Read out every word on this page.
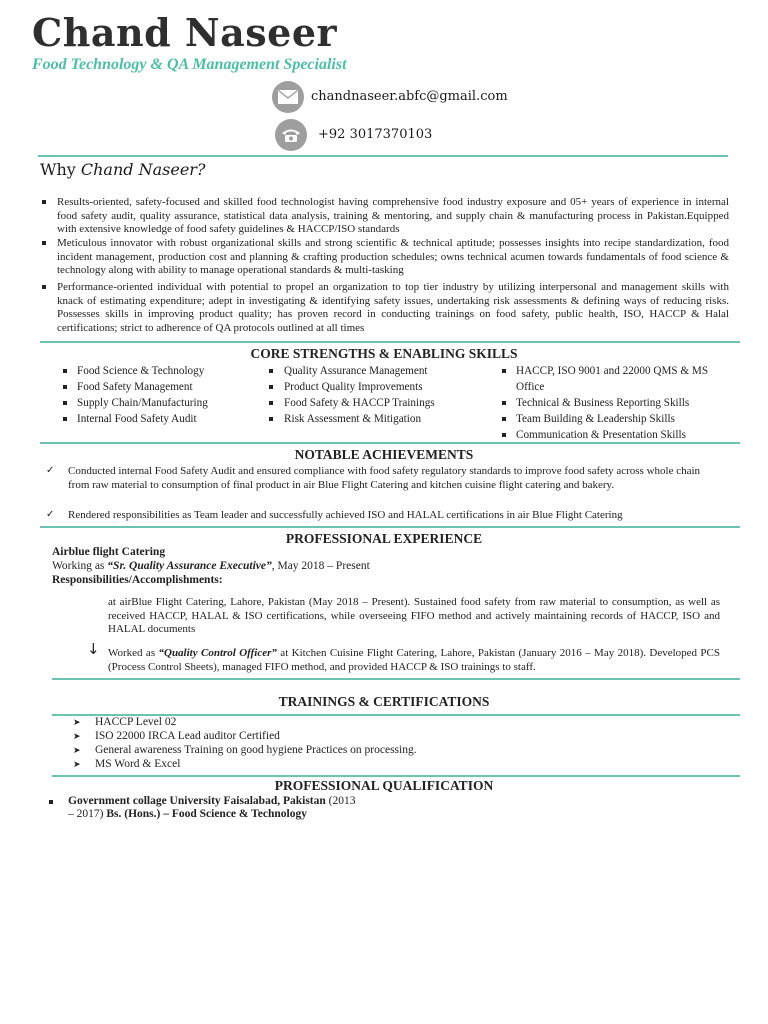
Chand Naseer
Food Technology & QA Management Specialist
chandnaseer.abfc@gmail.com
+92 3017370103
Why Chand Naseer?
Results-oriented, safety-focused and skilled food technologist having comprehensive food industry exposure and 05+ years of experience in internal food safety audit, quality assurance, statistical data analysis, training & mentoring, and supply chain & manufacturing process in Pakistan.Equipped with extensive knowledge of food safety guidelines & HACCP/ISO standards
Meticulous innovator with robust organizational skills and strong scientific & technical aptitude; possesses insights into recipe standardization, food incident management, production cost and planning & crafting production schedules; owns technical acumen towards fundamentals of food science & technology along with ability to manage operational standards & multi-tasking
Performance-oriented individual with potential to propel an organization to top tier industry by utilizing interpersonal and management skills with knack of estimating expenditure; adept in investigating & identifying safety issues, undertaking risk assessments & defining ways of reducing risks. Possesses skills in improving product quality; has proven record in conducting trainings on food safety, public health, ISO, HACCP & Halal certifications; strict to adherence of QA protocols outlined at all times
CORE STRENGTHS & ENABLING SKILLS
Food Science & Technology
Food Safety Management
Supply Chain/Manufacturing
Internal Food Safety Audit
Quality Assurance Management
Product Quality Improvements
Food Safety & HACCP Trainings
Risk Assessment & Mitigation
HACCP, ISO 9001 and 22000 QMS & MS
Office
Technical & Business Reporting Skills
Team Building & Leadership Skills
Communication & Presentation Skills
NOTABLE ACHIEVEMENTS
✓ Conducted internal Food Safety Audit and ensured compliance with food safety regulatory standards to improve food safety across whole chain from raw material to consumption of final product in air Blue Flight Catering and kitchen cuisine flight catering and bakery.
✓ Rendered responsibilities as Team leader and successfully achieved ISO and HALAL certifications in air Blue Flight Catering
PROFESSIONAL EXPERIENCE
Airblue flight Catering
Working as “Sr. Quality Assurance Executive”, May 2018 – Present
Responsibilities/Accomplishments:
at airBlue Flight Catering, Lahore, Pakistan (May 2018 – Present). Sustained food safety from raw material to consumption, as well as received HACCP, HALAL & ISO certifications, while overseeing FIFO method and actively maintaining records of HACCP, ISO and HALAL documents
↓ Worked as “Quality Control Officer” at Kitchen Cuisine Flight Catering, Lahore, Pakistan (January 2016 – May 2018). Developed PCS (Process Control Sheets), managed FIFO method, and provided HACCP & ISO trainings to staff.
TRAININGS & CERTIFICATIONS
➤ HACCP Level 02
➤ ISO 22000 IRCA Lead auditor Certified
➤ General awareness Training on good hygiene Practices on processing.
➤ MS Word & Excel
PROFESSIONAL QUALIFICATION
Government collage University Faisalabad, Pakistan (2013
– 2017) Bs. (Hons.) – Food Science & Technology
